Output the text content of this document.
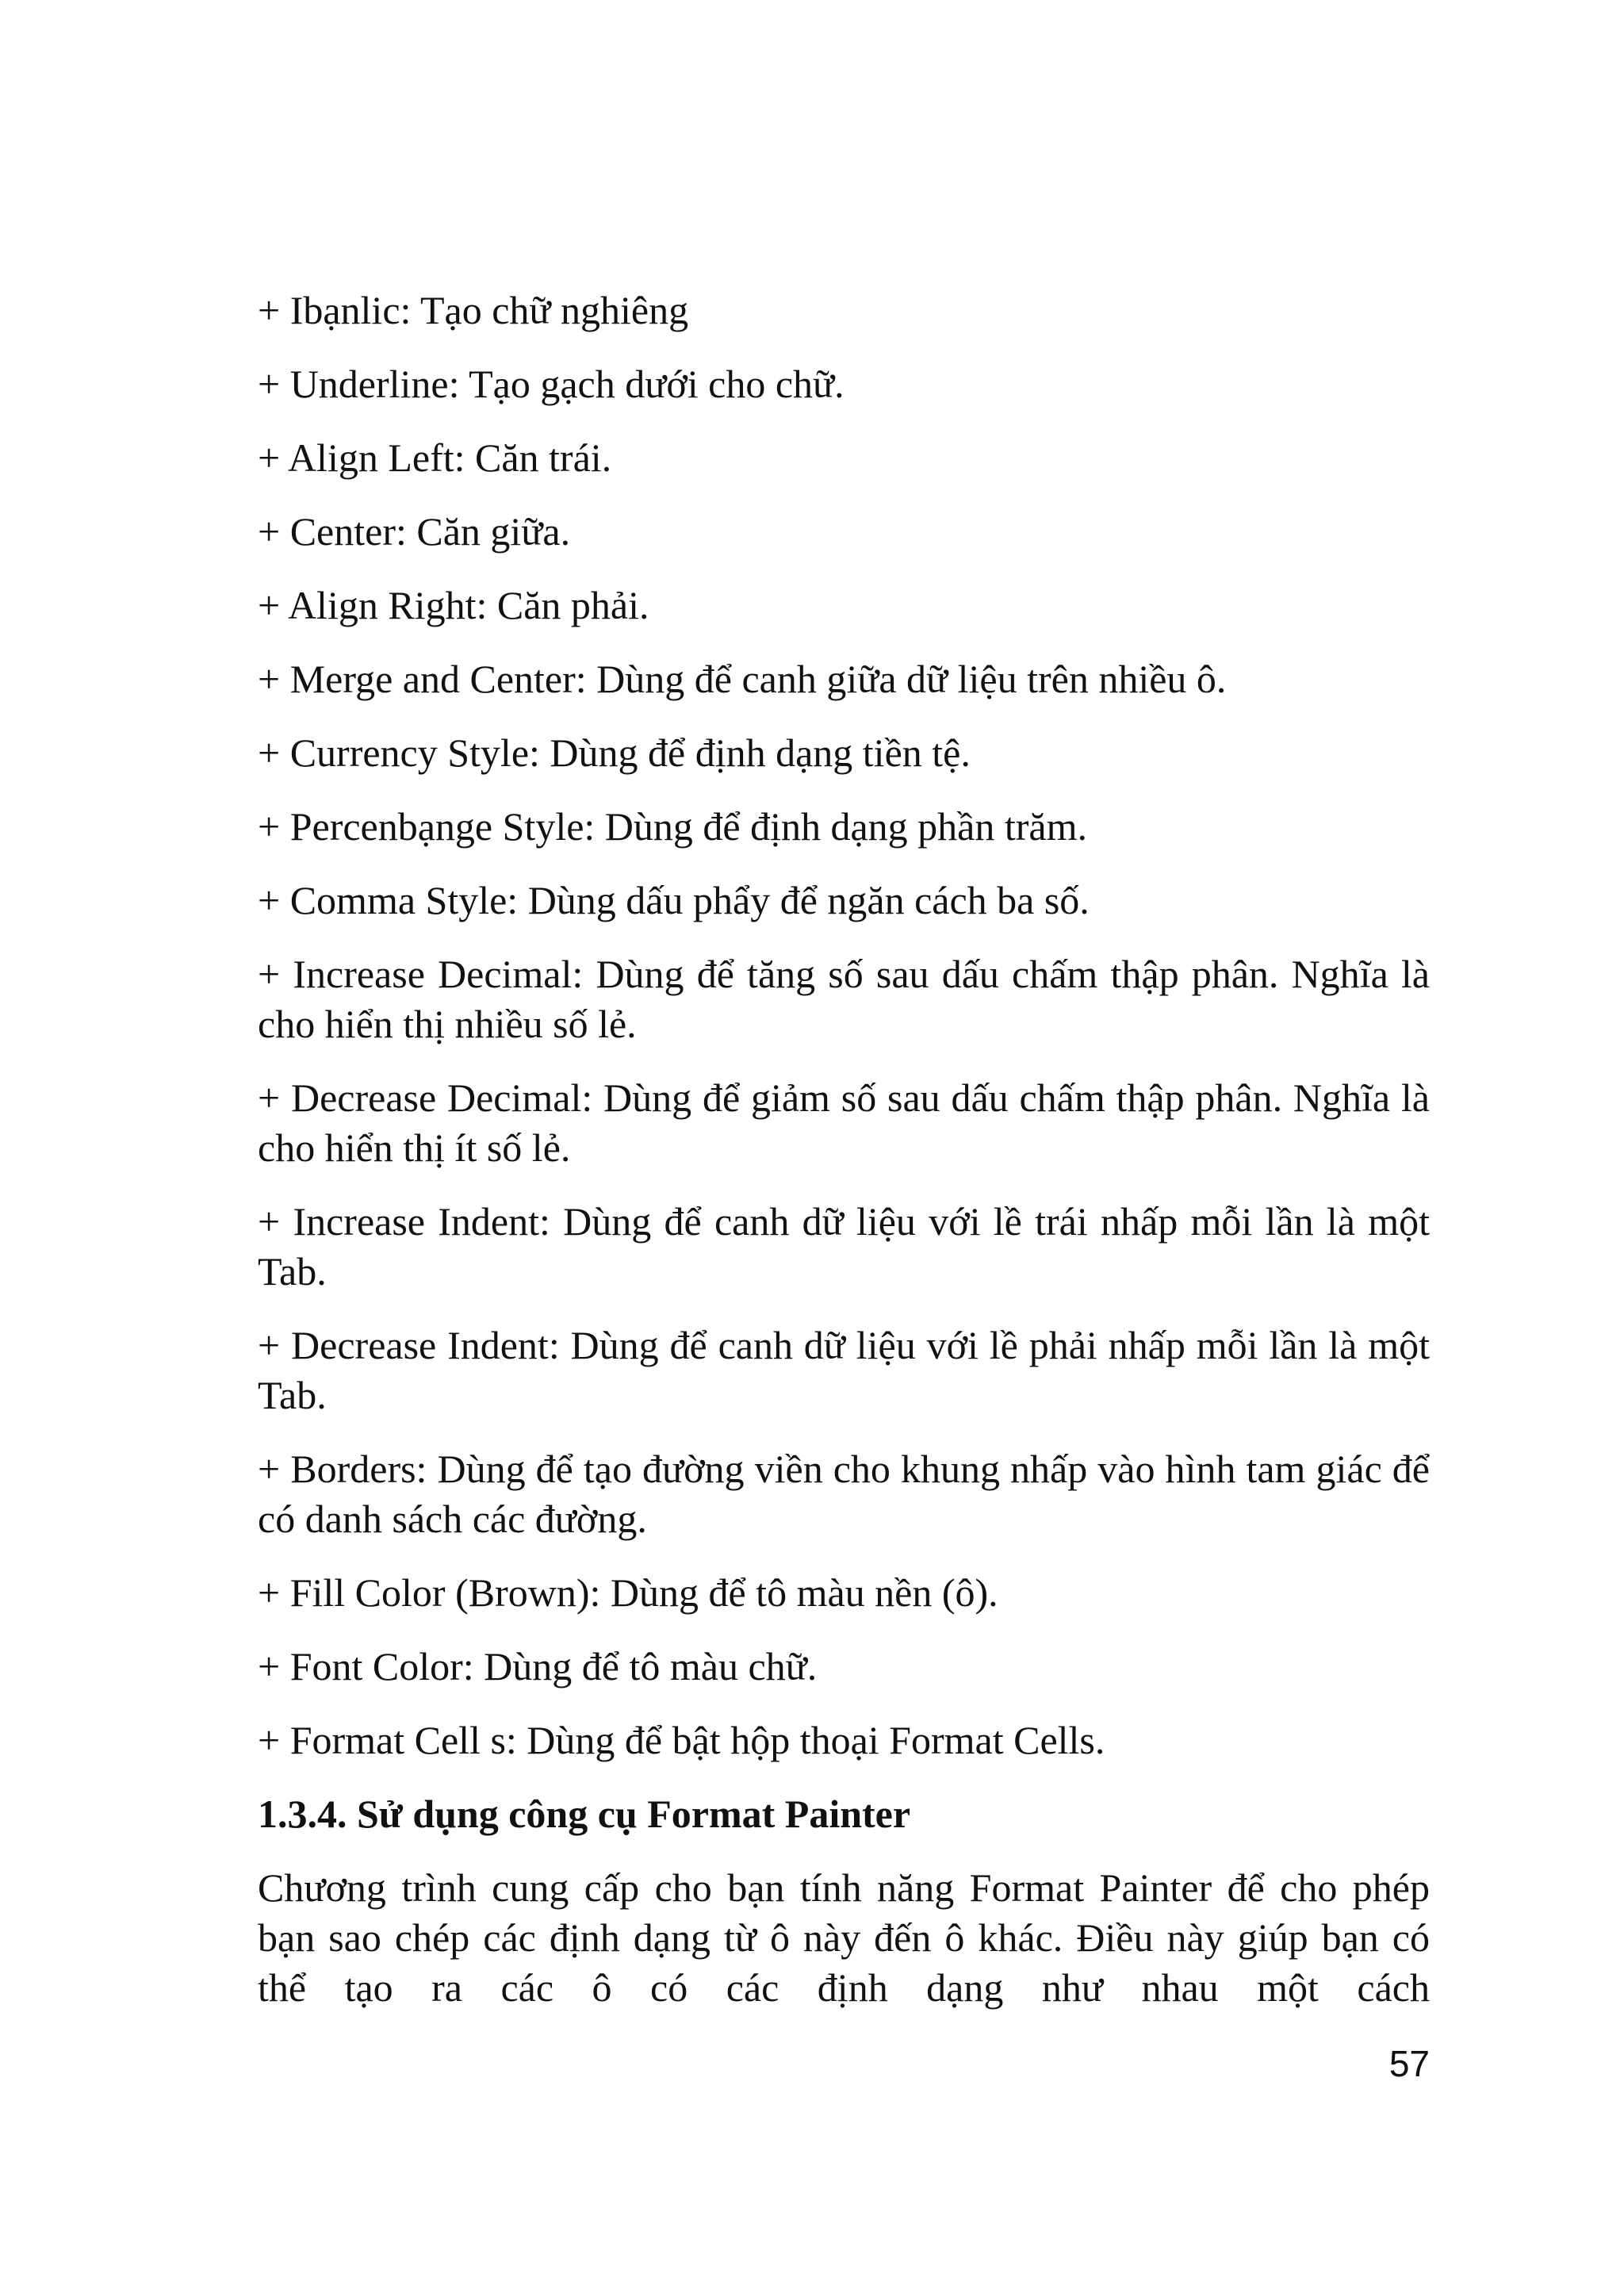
+ Ibạnlic: Tạo chữ nghiêng

+ Underline: Tạo gạch dưới cho chữ.

+ Align Left: Căn trái.

+ Center: Căn giữa.

+ Align Right: Căn phải.

+ Merge and Center: Dùng để canh giữa dữ liệu trên nhiều ô.

+ Currency Style: Dùng để định dạng tiền tệ.

+ Percenbạnge Style: Dùng để định dạng phần trăm.

+ Comma Style: Dùng dấu phẩy để ngăn cách ba số.

+ Increase Decimal: Dùng để tăng số sau dấu chấm thập phân. Nghĩa là cho hiển thị nhiều số lẻ.

+ Decrease Decimal: Dùng để giảm số sau dấu chấm thập phân. Nghĩa là cho hiển thị ít số lẻ.

+ Increase Indent: Dùng để canh dữ liệu với lề trái nhấp mỗi lần là một Tab.

+ Decrease Indent: Dùng để canh dữ liệu với lề phải nhấp mỗi lần là một Tab.

+ Borders: Dùng để tạo đường viền cho khung nhấp vào hình tam giác để có danh sách các đường.

+ Fill Color (Brown): Dùng để tô màu nền (ô).

+ Font Color: Dùng để tô màu chữ.

+ Format Cell s: Dùng để bật hộp thoại Format Cells.

1.3.4. Sử dụng công cụ Format Painter

Chương trình cung cấp cho bạn tính năng Format Painter để cho phép bạn sao chép các định dạng từ ô này đến ô khác. Điều này giúp bạn có thể tạo ra các ô có các định dạng như nhau một cách

57
